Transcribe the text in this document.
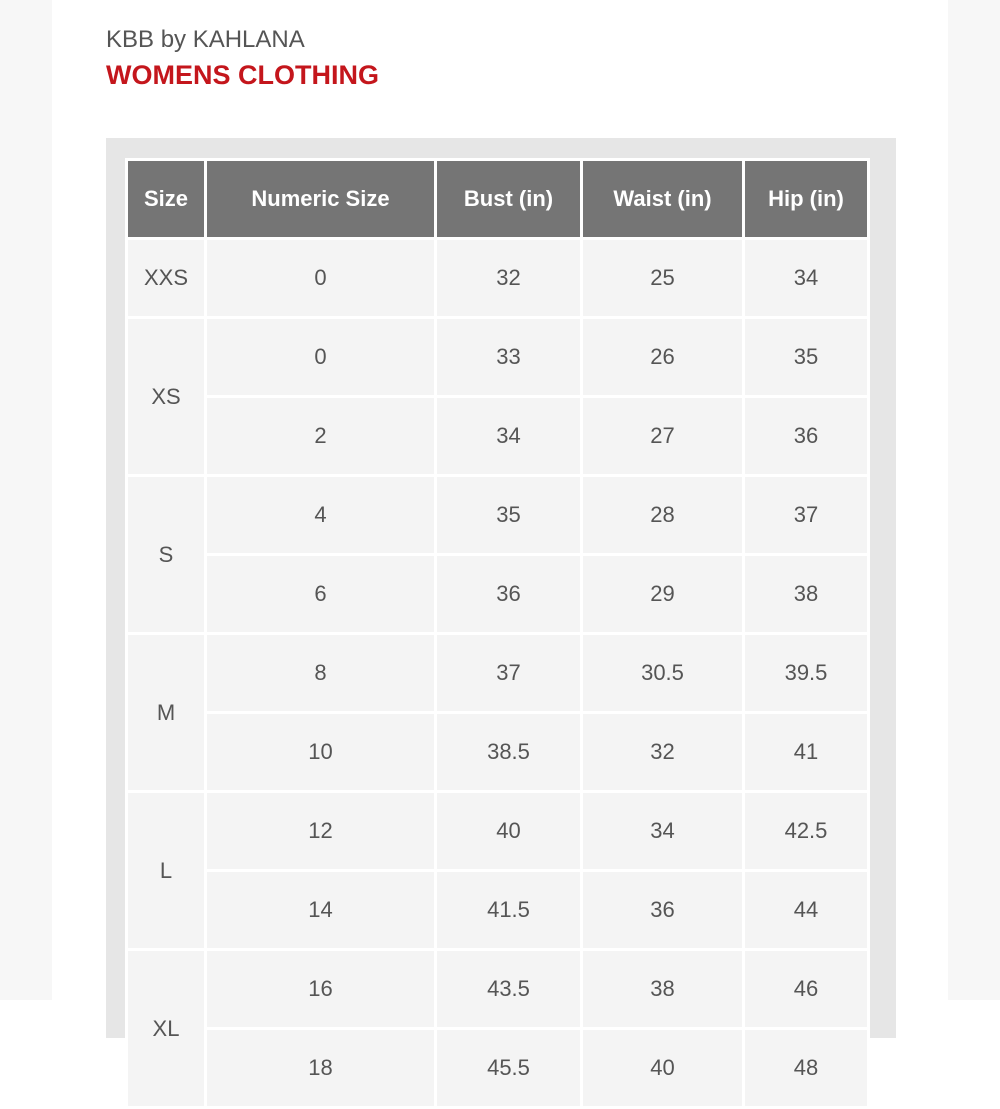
KBB by KAHLANA
WOMENS CLOTHING
Size	Numeric Size	Bust (in)	Waist (in)	Hip (in)
XXS	0	32	25	34
XS	0	33	26	35
	2	34	27	36
S	4	35	28	37
	6	36	29	38
M	8	37	30.5	39.5
	10	38.5	32	41
L	12	40	34	42.5
	14	41.5	36	44
XL	16	43.5	38	46
	18	45.5	40	48
